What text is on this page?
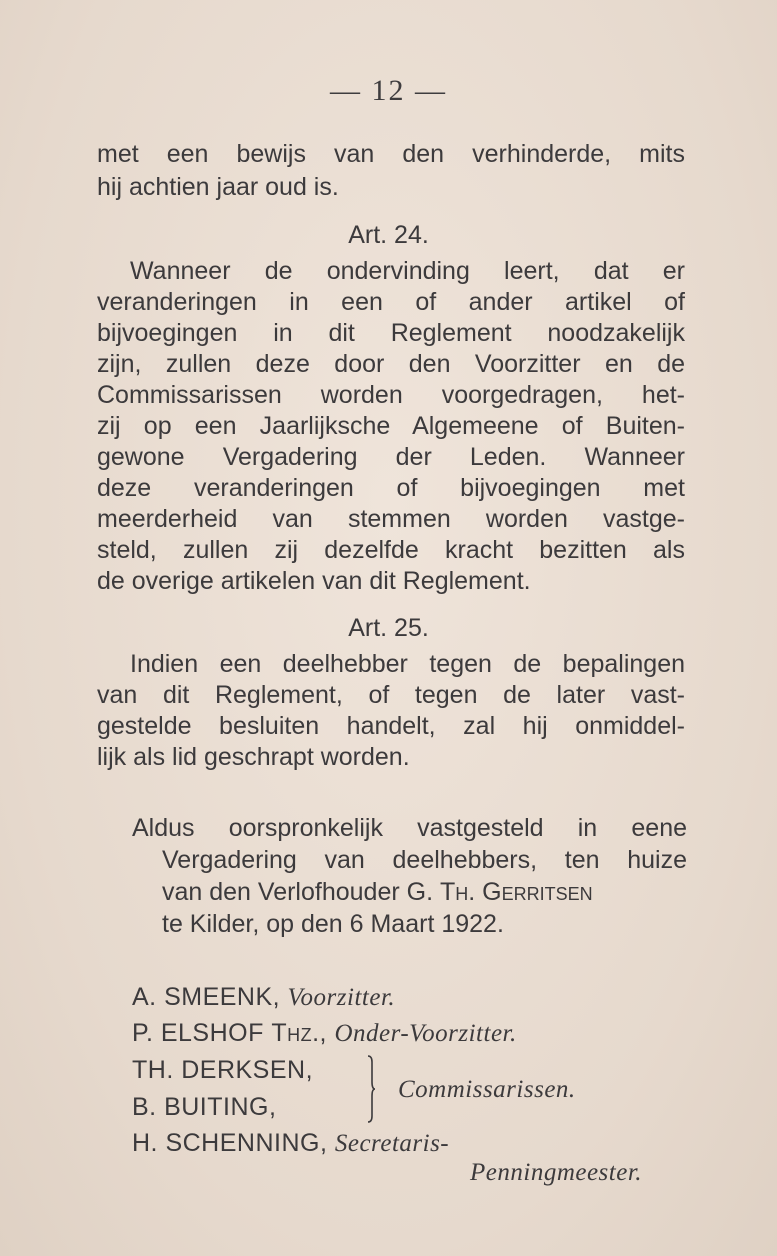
— 12 —
met een bewijs van den verhinderde, mits
hij achtien jaar oud is.
Art. 24.
Wanneer de ondervinding leert, dat er
veranderingen in een of ander artikel of
bijvoegingen in dit Reglement noodzakelijk
zijn, zullen deze door den Voorzitter en de
Commissarissen worden voorgedragen, het-
zij op een Jaarlijksche Algemeene of Buiten-
gewone Vergadering der Leden. Wanneer
deze veranderingen of bijvoegingen met
meerderheid van stemmen worden vastge-
steld, zullen zij dezelfde kracht bezitten als
de overige artikelen van dit Reglement.
Art. 25.
Indien een deelhebber tegen de bepalingen
van dit Reglement, of tegen de later vast-
gestelde besluiten handelt, zal hij onmiddel-
lijk als lid geschrapt worden.
Aldus oorspronkelijk vastgesteld in eene
Vergadering van deelhebbers, ten huize
van den Verlofhouder G. Th. Gerritsen
te Kilder, op den 6 Maart 1922.
A. SMEENK, Voorzitter.
P. ELSHOF Thz., Onder-Voorzitter.
TH. DERKSEN,
B. BUITING,
Commissarissen.
H. SCHENNING, Secretaris-
Penningmeester.
